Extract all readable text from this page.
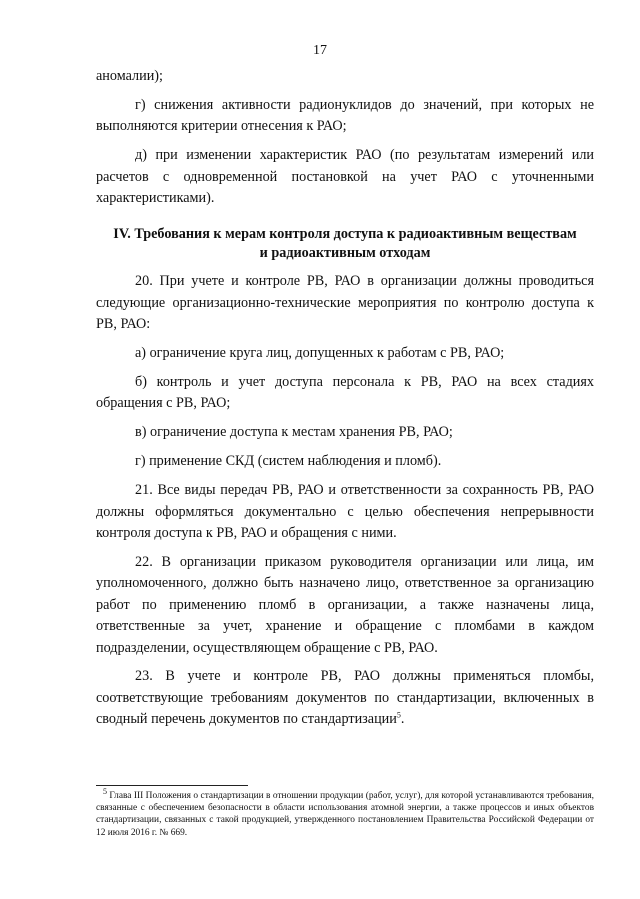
17

аномалии);

г) снижения активности радионуклидов до значений, при которых не выполняются критерии отнесения к РАО;

д) при изменении характеристик РАО (по результатам измерений или расчетов с одновременной постановкой на учет РАО с уточненными характеристиками).

IV. Требования к мерам контроля доступа к радиоактивным веществам
и радиоактивным отходам

20. При учете и контроле РВ, РАО в организации должны проводиться следующие организационно-технические мероприятия по контролю доступа к РВ, РАО:

а) ограничение круга лиц, допущенных к работам с РВ, РАО;

б) контроль и учет доступа персонала к РВ, РАО на всех стадиях обращения с РВ, РАО;

в) ограничение доступа к местам хранения РВ, РАО;

г) применение СКД (систем наблюдения и пломб).

21. Все виды передач РВ, РАО и ответственности за сохранность РВ, РАО должны оформляться документально с целью обеспечения непрерывности контроля доступа к РВ, РАО и обращения с ними.

22. В организации приказом руководителя организации или лица, им уполномоченного, должно быть назначено лицо, ответственное за организацию работ по применению пломб в организации, а также назначены лица, ответственные за учет, хранение и обращение с пломбами в каждом подразделении, осуществляющем обращение с РВ, РАО.

23. В учете и контроле РВ, РАО должны применяться пломбы, соответствующие требованиям документов по стандартизации, включенных в сводный перечень документов по стандартизации$^5$.

$^5$ Глава III Положения о стандартизации в отношении продукции (работ, услуг), для которой устанавливаются требования, связанные с обеспечением безопасности в области использования атомной энергии, а также процессов и иных объектов стандартизации, связанных с такой продукцией, утвержденного постановлением Правительства Российской Федерации от 12 июля 2016 г. № 669.
